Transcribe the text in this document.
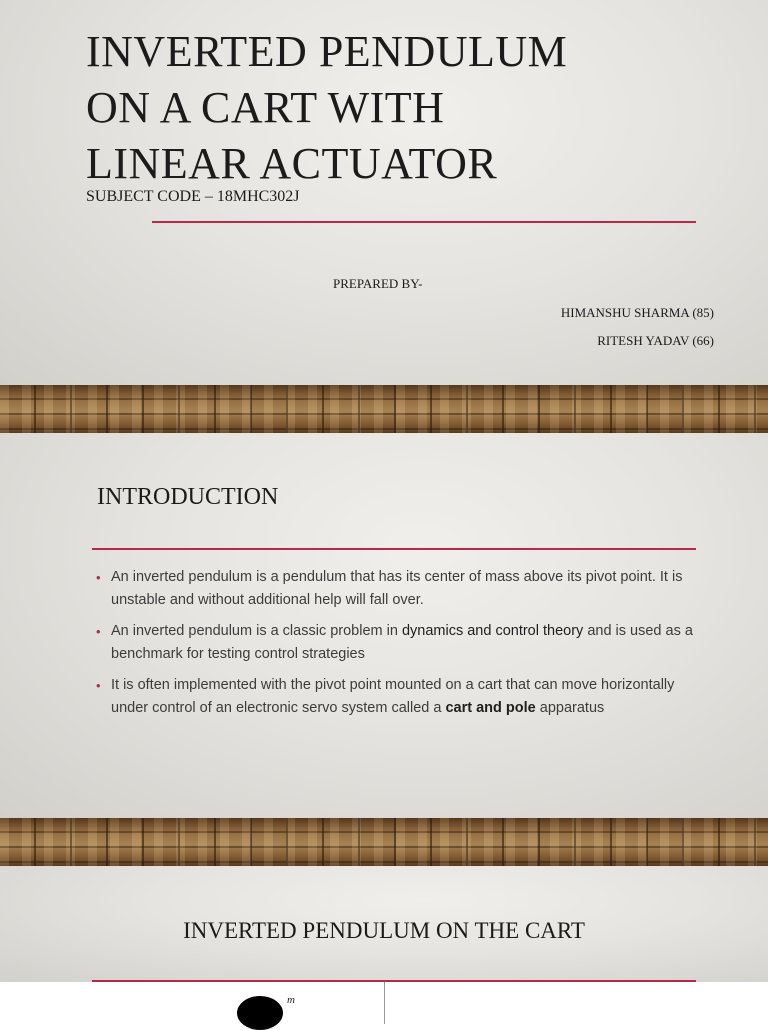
INVERTED PENDULUM
ON A CART WITH
LINEAR ACTUATOR
SUBJECT CODE – 18MHC302J
PREPARED BY-
HIMANSHU SHARMA (85)
RITESH YADAV (66)
INTRODUCTION
• An inverted pendulum is a pendulum that has its center of mass above its pivot point. It is unstable and without additional help will fall over.
• An inverted pendulum is a classic problem in dynamics and control theory and is used as a benchmark for testing control strategies
• It is often implemented with the pivot point mounted on a cart that can move horizontally under control of an electronic servo system called a cart and pole apparatus
INVERTED PENDULUM ON THE CART
m
